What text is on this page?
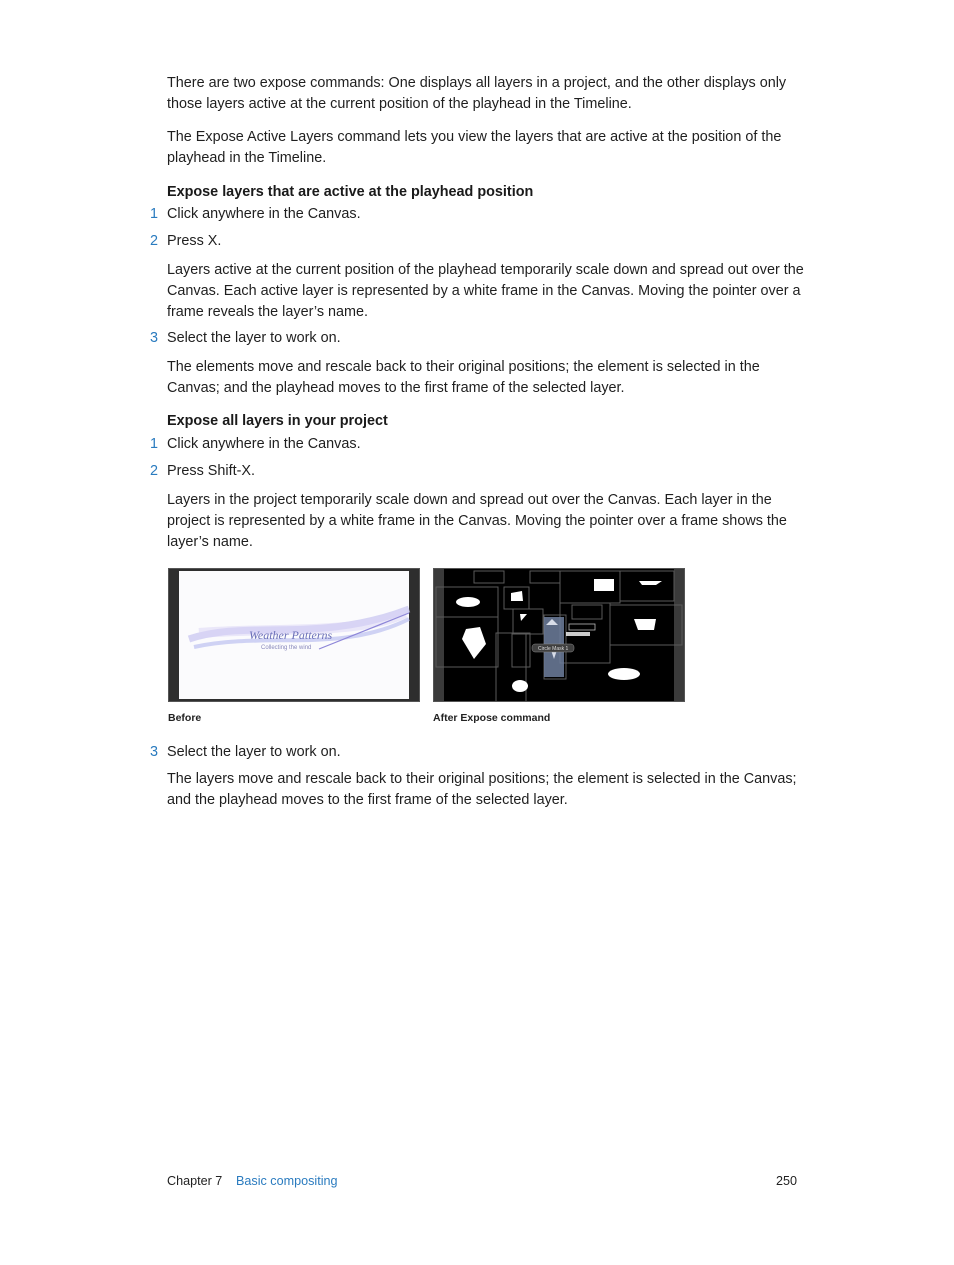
There are two expose commands: One displays all layers in a project, and the other displays only those layers active at the current position of the playhead in the Timeline.
The Expose Active Layers command lets you view the layers that are active at the position of the playhead in the Timeline.
Expose layers that are active at the playhead position
1 Click anywhere in the Canvas.
2 Press X.
Layers active at the current position of the playhead temporarily scale down and spread out over the Canvas. Each active layer is represented by a white frame in the Canvas. Moving the pointer over a frame reveals the layer’s name.
3 Select the layer to work on.
The elements move and rescale back to their original positions; the element is selected in the Canvas; and the playhead moves to the first frame of the selected layer.
Expose all layers in your project
1 Click anywhere in the Canvas.
2 Press Shift-X.
Layers in the project temporarily scale down and spread out over the Canvas. Each layer in the project is represented by a white frame in the Canvas. Moving the pointer over a frame shows the layer’s name.
Weather Patterns
Collecting the wind	Circle Mask 1
Before	After Expose command
3 Select the layer to work on.
The layers move and rescale back to their original positions; the element is selected in the Canvas; and the playhead moves to the first frame of the selected layer.
Chapter 7 Basic compositing	250
